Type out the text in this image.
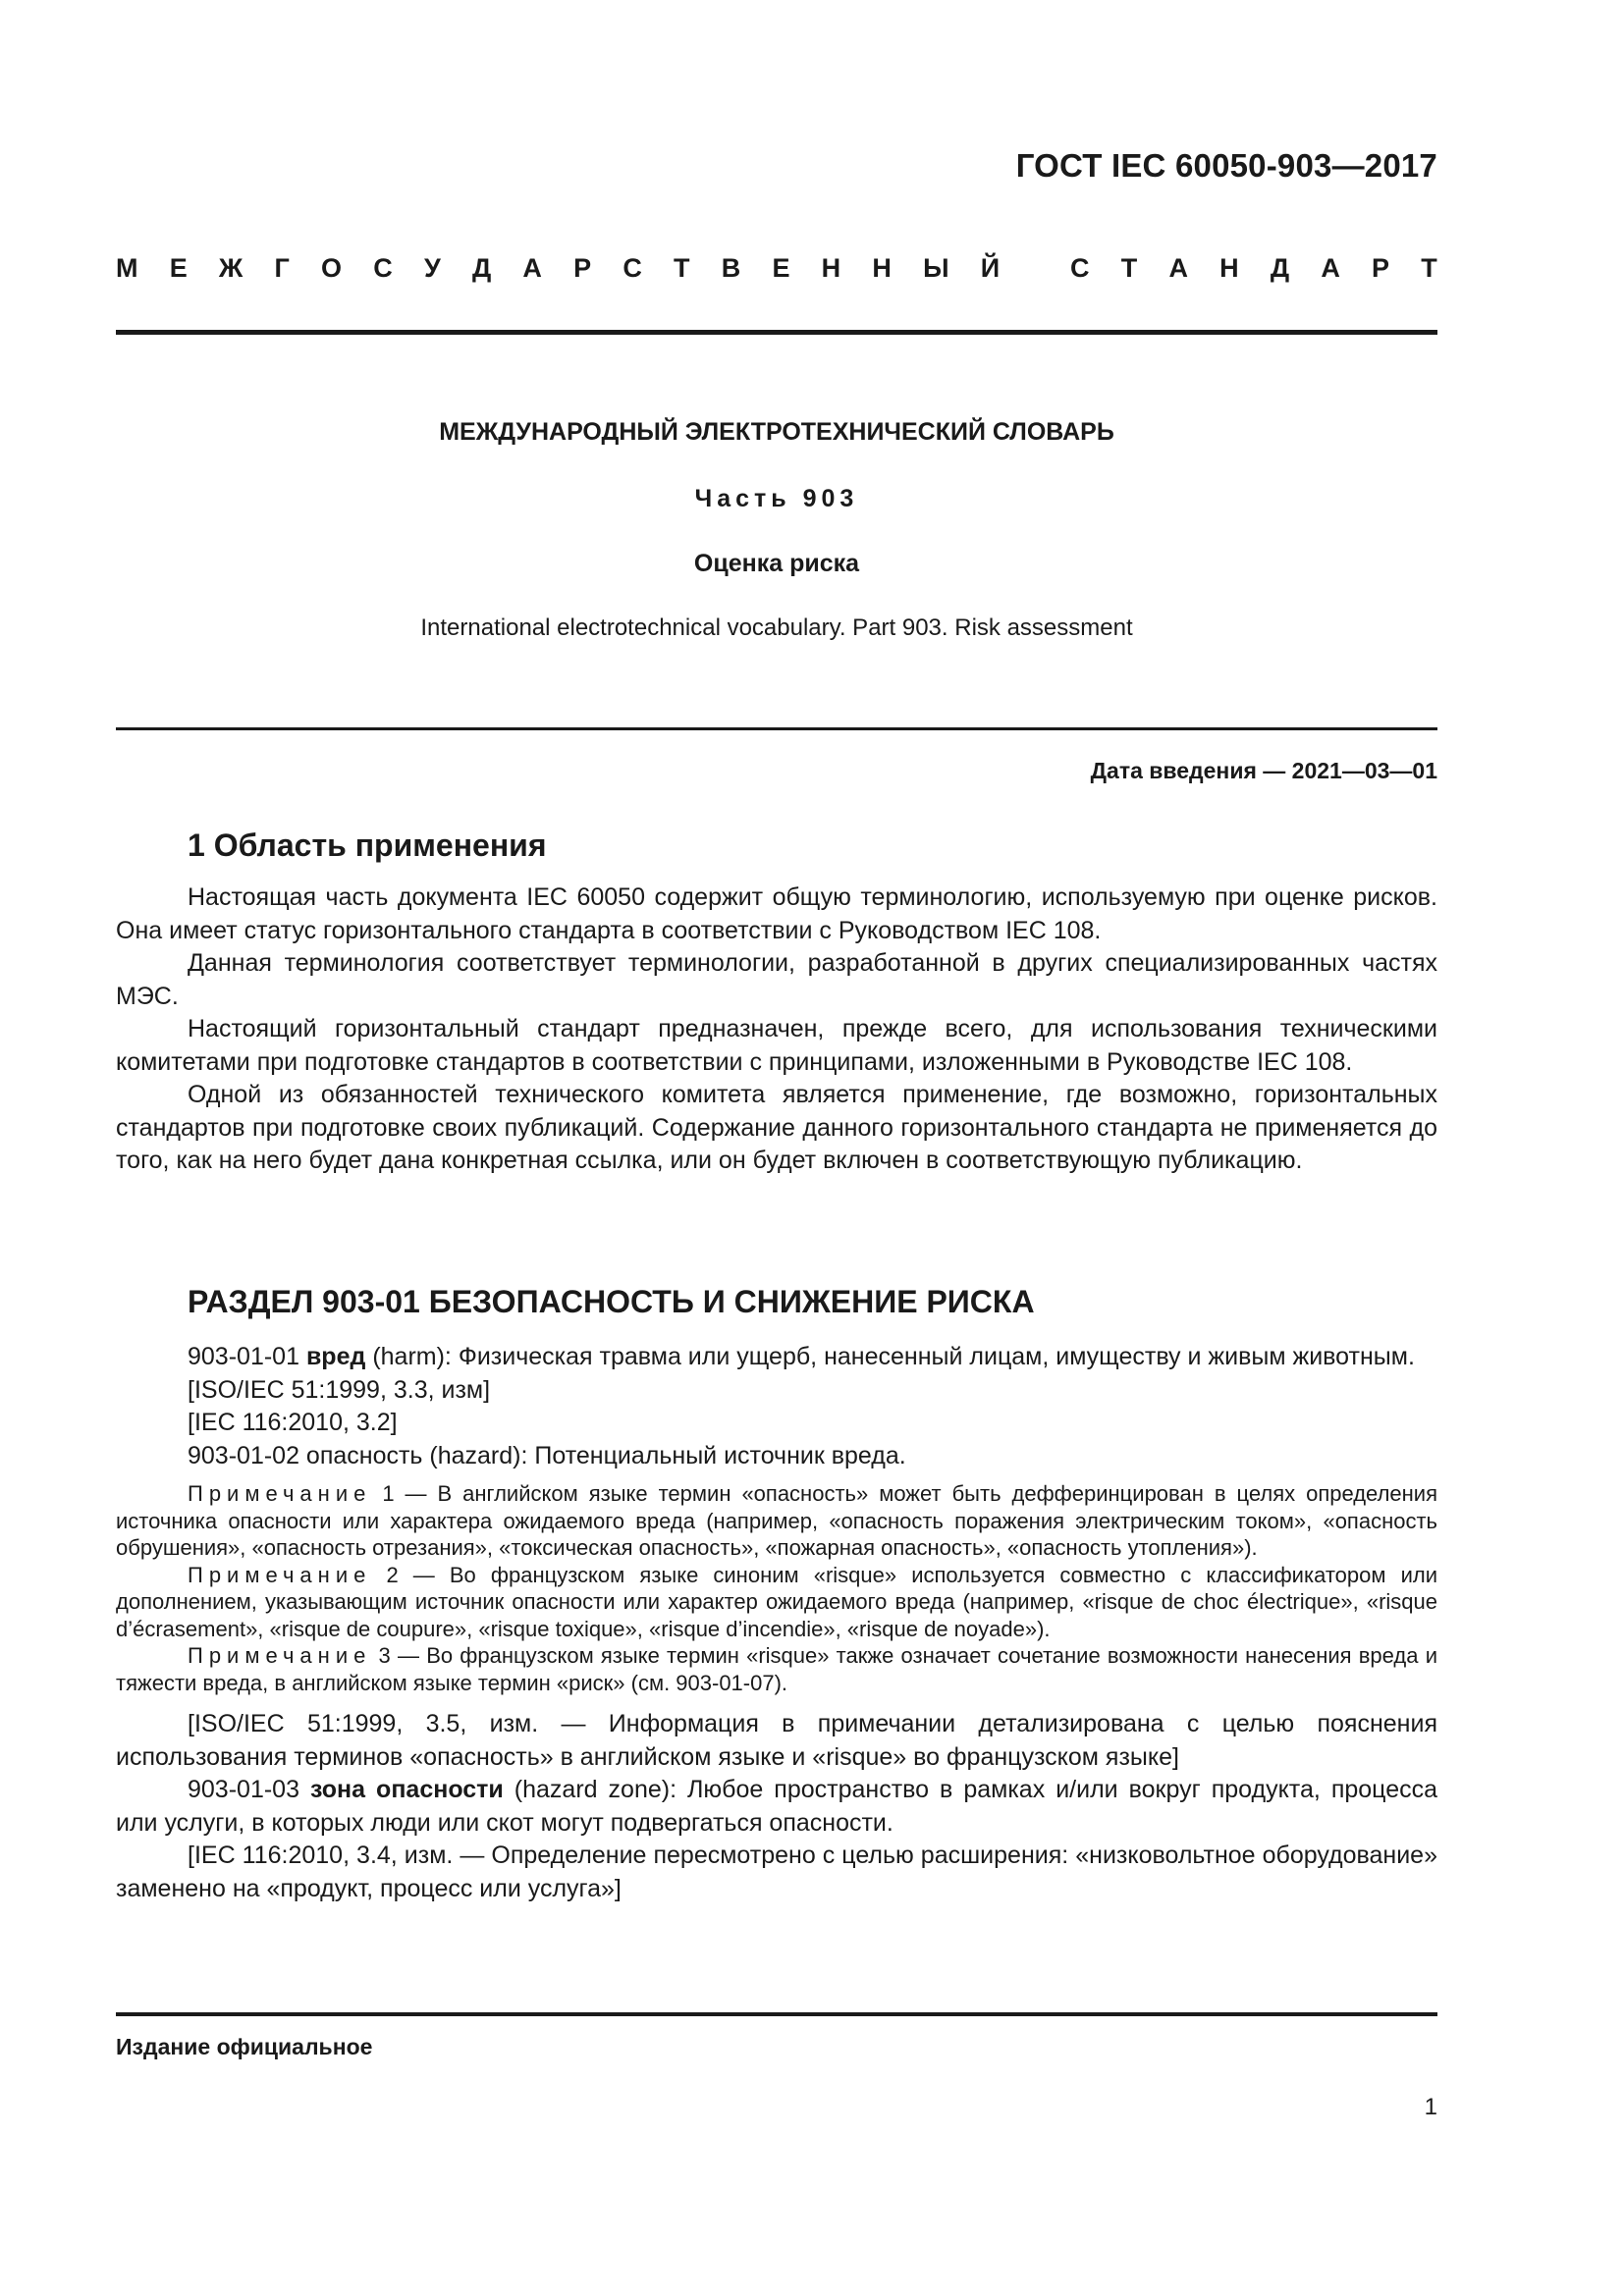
ГОСТ IEC 60050-903—2017
М Е Ж Г О С У Д А Р С Т В Е Н Н Ы Й
	С Т А Н Д А Р Т
МЕЖДУНАРОДНЫЙ ЭЛЕКТРОТЕХНИЧЕСКИЙ СЛОВАРЬ
Часть 903
Оценка риска
International electrotechnical vocabulary. Part 903. Risk assessment
Дата введения — 2021—03—01
1 Область применения

Настоящая часть документа IEC 60050 содержит общую терминологию, используемую при оценке рисков. Она имеет статус горизонтального стандарта в соответствии с Руководством IEC 108.

Данная терминология соответствует терминологии, разработанной в других специализированных частях МЭС.

Настоящий горизонтальный стандарт предназначен, прежде всего, для использования техническими комитетами при подготовке стандартов в соответствии с принципами, изложенными в Руководстве IEC 108.

Одной из обязанностей технического комитета является применение, где возможно, горизонтальных стандартов при подготовке своих публикаций. Содержание данного горизонтального стандарта не применяется до того, как на него будет дана конкретная ссылка, или он будет включен в соответствующую публикацию.

РАЗДЕЛ 903-01 БЕЗОПАСНОСТЬ И СНИЖЕНИЕ РИСКА

903-01-01 вред (harm): Физическая травма или ущерб, нанесенный лицам, имуществу и живым животным.

[ISO/IEC 51:1999, 3.3, изм]

[IEC 116:2010, 3.2]

903-01-02 опасность (hazard): Потенциальный источник вреда.

Примечание 1 — В английском языке термин «опасность» может быть дефферинцирован в целях определения источника опасности или характера ожидаемого вреда (например, «опасность поражения электрическим током», «опасность обрушения», «опасность отрезания», «токсическая опасность», «пожарная опасность», «опасность утопления»).

Примечание 2 — Во французском языке синоним «risque» используется совместно с классификатором или дополнением, указывающим источник опасности или характер ожидаемого вреда (например, «risque de choc électrique», «risque d’écrasement», «risque de coupure», «risque toxique», «risque d’incendie», «risque de noyade»).

Примечание 3 — Во французском языке термин «risque» также означает сочетание возможности нанесения вреда и тяжести вреда, в английском языке термин «риск» (см. 903-01-07).

[ISO/IEC 51:1999, 3.5, изм. — Информация в примечании детализирована с целью пояснения использования терминов «опасность» в английском языке и «risque» во французском языке]

903-01-03 зона опасности (hazard zone): Любое пространство в рамках и/или вокруг продукта, процесса или услуги, в которых люди или скот могут подвергаться опасности.

[IEC 116:2010, 3.4, изм. — Определение пересмотрено с целью расширения: «низковольтное оборудование» заменено на «продукт, процесс или услуга»]

Издание официальное
1
